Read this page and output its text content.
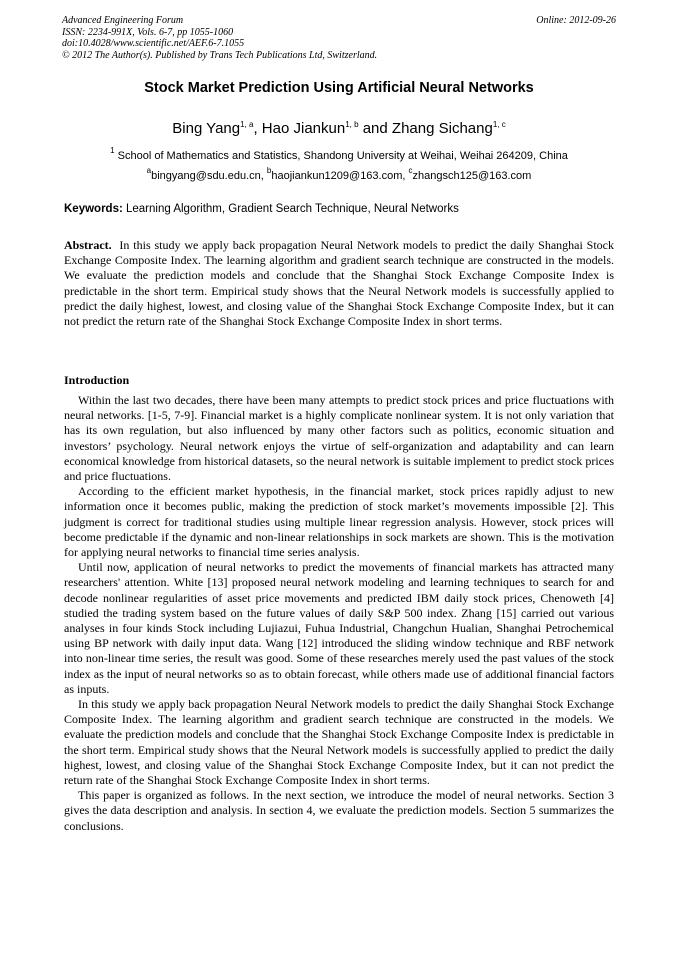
Advanced Engineering Forum
ISSN: 2234-991X, Vols. 6-7, pp 1055-1060
doi:10.4028/www.scientific.net/AEF.6-7.1055
© 2012 The Author(s). Published by Trans Tech Publications Ltd, Switzerland.
Online: 2012-09-26
Stock Market Prediction Using Artificial Neural Networks
Bing Yang$^{1, a}$, Hao Jiankun$^{1, b}$ and Zhang Sichang$^{1, c}$
$^1$ School of Mathematics and Statistics, Shandong University at Weihai, Weihai 264209, China
$^a$bingyang@sdu.edu.cn, $^b$haojiankun1209@163.com, $^c$zhangsch125@163.com
Keywords: Learning Algorithm, Gradient Search Technique, Neural Networks
Abstract. In this study we apply back propagation Neural Network models to predict the daily Shanghai Stock Exchange Composite Index. The learning algorithm and gradient search technique are constructed in the models. We evaluate the prediction models and conclude that the Shanghai Stock Exchange Composite Index is predictable in the short term. Empirical study shows that the Neural Network models is successfully applied to predict the daily highest, lowest, and closing value of the Shanghai Stock Exchange Composite Index, but it can not predict the return rate of the Shanghai Stock Exchange Composite Index in short terms.
Introduction

Within the last two decades, there have been many attempts to predict stock prices and price fluctuations with neural networks. [1-5, 7-9]. Financial market is a highly complicate nonlinear system. It is not only variation that has its own regulation, but also influenced by many other factors such as politics, economic situation and investors’ psychology. Neural network enjoys the virtue of self-organization and adaptability and can learn economical knowledge from historical datasets, so the neural network is suitable implement to predict stock prices and price fluctuations.

According to the efficient market hypothesis, in the financial market, stock prices rapidly adjust to new information once it becomes public, making the prediction of stock market’s movements impossible [2]. This judgment is correct for traditional studies using multiple linear regression analysis. However, stock prices will become predictable if the dynamic and non-linear relationships in sock markets are shown. This is the motivation for applying neural networks to financial time series analysis.

Until now, application of neural networks to predict the movements of financial markets has attracted many researchers' attention. White [13] proposed neural network modeling and learning techniques to search for and decode nonlinear regularities of asset price movements and predicted IBM daily stock prices, Chenoweth [4] studied the trading system based on the future values of daily S&P 500 index. Zhang [15] carried out various analyses in four kinds Stock including Lujiazui, Fuhua Industrial, Changchun Hualian, Shanghai Petrochemical using BP network with daily input data. Wang [12] introduced the sliding window technique and RBF network into non-linear time series, the result was good. Some of these researches merely used the past values of the stock index as the input of neural networks so as to obtain forecast, while others made use of additional financial factors as inputs.

In this study we apply back propagation Neural Network models to predict the daily Shanghai Stock Exchange Composite Index. The learning algorithm and gradient search technique are constructed in the models. We evaluate the prediction models and conclude that the Shanghai Stock Exchange Composite Index is predictable in the short term. Empirical study shows that the Neural Network models is successfully applied to predict the daily highest, lowest, and closing value of the Shanghai Stock Exchange Composite Index, but it can not predict the return rate of the Shanghai Stock Exchange Composite Index in short terms.

This paper is organized as follows. In the next section, we introduce the model of neural networks. Section 3 gives the data description and analysis. In section 4, we evaluate the prediction models. Section 5 summarizes the conclusions.
